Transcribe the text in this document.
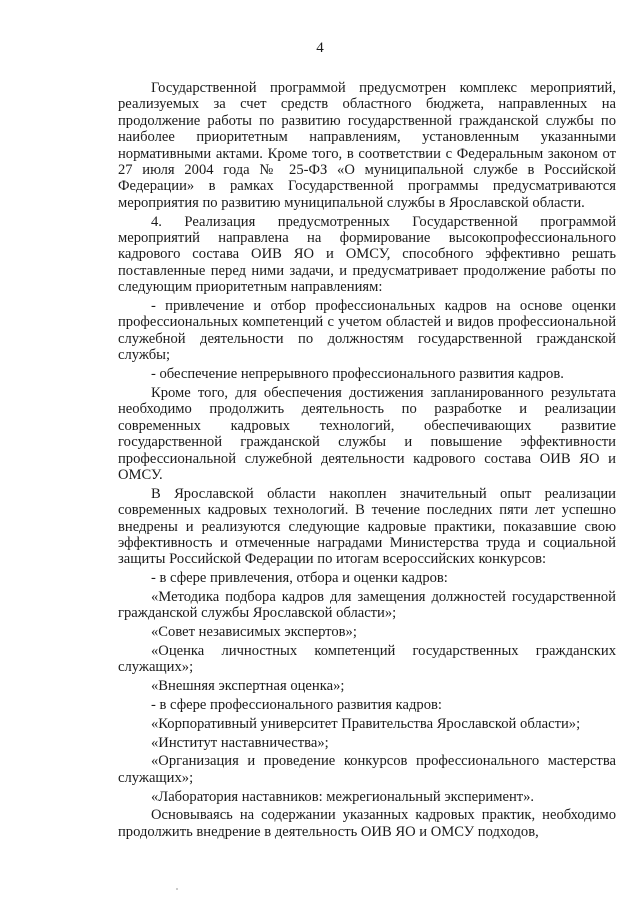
4

Государственной программой предусмотрен комплекс мероприятий, реализуемых за счет средств областного бюджета, направленных на продолжение работы по развитию государственной гражданской службы по наиболее приоритетным направлениям, установленным указанными нормативными актами. Кроме того, в соответствии с Федеральным законом от 27 июля 2004 года № 25-ФЗ «О муниципальной службе в Российской Федерации» в рамках Государственной программы предусматриваются мероприятия по развитию муниципальной службы в Ярославской области.

4. Реализация предусмотренных Государственной программой мероприятий направлена на формирование высокопрофессионального кадрового состава ОИВ ЯО и ОМСУ, способного эффективно решать поставленные перед ними задачи, и предусматривает продолжение работы по следующим приоритетным направлениям:

- привлечение и отбор профессиональных кадров на основе оценки профессиональных компетенций с учетом областей и видов профессиональной служебной деятельности по должностям государственной гражданской службы;

- обеспечение непрерывного профессионального развития кадров.

Кроме того, для обеспечения достижения запланированного результата необходимо продолжить деятельность по разработке и реализации современных кадровых технологий, обеспечивающих развитие государственной гражданской службы и повышение эффективности профессиональной служебной деятельности кадрового состава ОИВ ЯО и ОМСУ.

В Ярославской области накоплен значительный опыт реализации современных кадровых технологий. В течение последних пяти лет успешно внедрены и реализуются следующие кадровые практики, показавшие свою эффективность и отмеченные наградами Министерства труда и социальной защиты Российской Федерации по итогам всероссийских конкурсов:

- в сфере привлечения, отбора и оценки кадров:

«Методика подбора кадров для замещения должностей государственной гражданской службы Ярославской области»;

«Совет независимых экспертов»;

«Оценка личностных компетенций государственных гражданских служащих»;

«Внешняя экспертная оценка»;

- в сфере профессионального развития кадров:

«Корпоративный университет Правительства Ярославской области»;

«Институт наставничества»;

«Организация и проведение конкурсов профессионального мастерства служащих»;

«Лаборатория наставников: межрегиональный эксперимент».

Основываясь на содержании указанных кадровых практик, необходимо продолжить внедрение в деятельность ОИВ ЯО и ОМСУ подходов,
